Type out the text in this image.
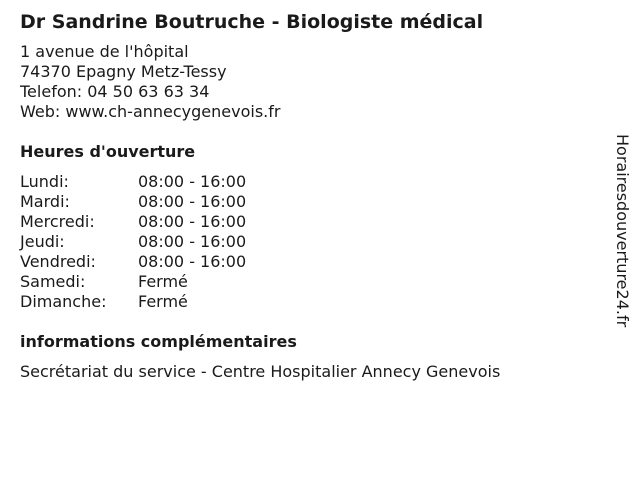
Dr Sandrine Boutruche - Biologiste médical
1 avenue de l'hôpital
74370 Epagny Metz-Tessy
Telefon: 04 50 63 63 34
Web: www.ch-annecygenevois.fr
Heures d'ouverture
Lundi:	08:00 - 16:00
Mardi:	08:00 - 16:00
Mercredi:	08:00 - 16:00
Jeudi:	08:00 - 16:00
Vendredi:	08:00 - 16:00
Samedi:	Fermé
Dimanche:	Fermé
informations complémentaires
Secrétariat du service - Centre Hospitalier Annecy Genevois
Horairesdouverture24.fr
